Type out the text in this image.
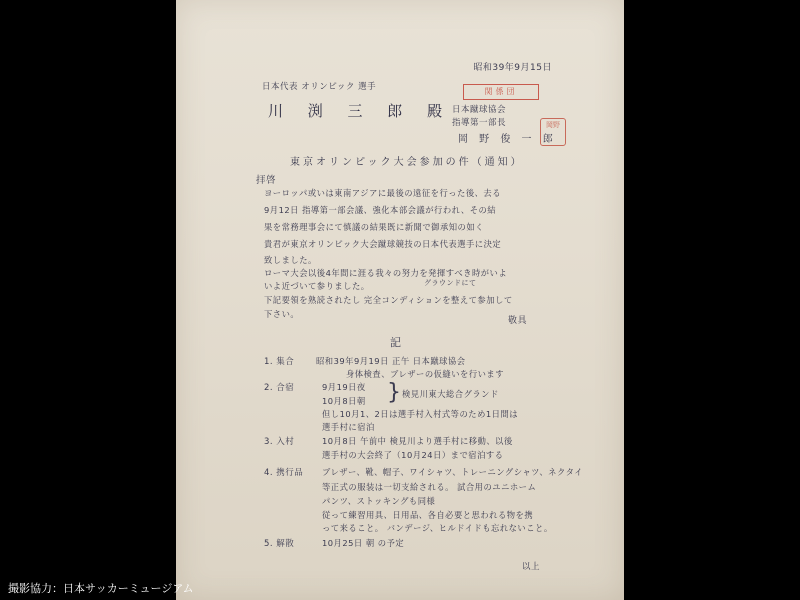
昭和39年9月15日
日本代表 オリンピック 選手
川 渕 三 郎 殿
関係団
日本蹴球協会
指導第一部長
岡 野 俊 一 郎
岡野
東京オリンピック大会参加の件（通知）
拝啓
ヨーロッパ或いは東南アジアに最後の遠征を行った後、去る
9月12日 指導第一部会議、強化本部会議が行われ、その結
果を常務理事会にて慎議の結果既に新聞で御承知の如く
貴君が東京オリンピック大会蹴球競技の日本代表選手に決定
致しました。
ローマ大会以後4年間に涯る我々の努力を発揮すべき時がいよ
いよ近づいて参りました。	グラウンドにて
下記要領を熟読されたし 完全コンディションを整えて参加して
下さい。
敬具
記
1. 集合	昭和39年9月19日 正午 日本蹴球協会
身体検査、ブレザーの仮縫いを行います
2. 合宿	9月19日夜
10月8日朝 } 検見川東大総合グランド
但し10月1、2日は選手村入村式等のため1日間は
選手村に宿泊
3. 入村	10月8日 午前中 検見川より選手村に移動、以後
選手村の大会終了（10月24日）まで宿泊する
4. 携行品 ブレザー、靴、帽子、ワイシャツ、トレーニングシャツ、ネクタイ
等正式の服装は一切支給される。 試合用のユニホーム
パンツ、ストッキングも同様
従って練習用具、日用品、各自必要と思われる物を携
って来ること。 バンデージ、ヒルドイドも忘れないこと。
5. 解散	10月25日 朝 の予定
以上
撮影協力：日本サッカーミュージアム
